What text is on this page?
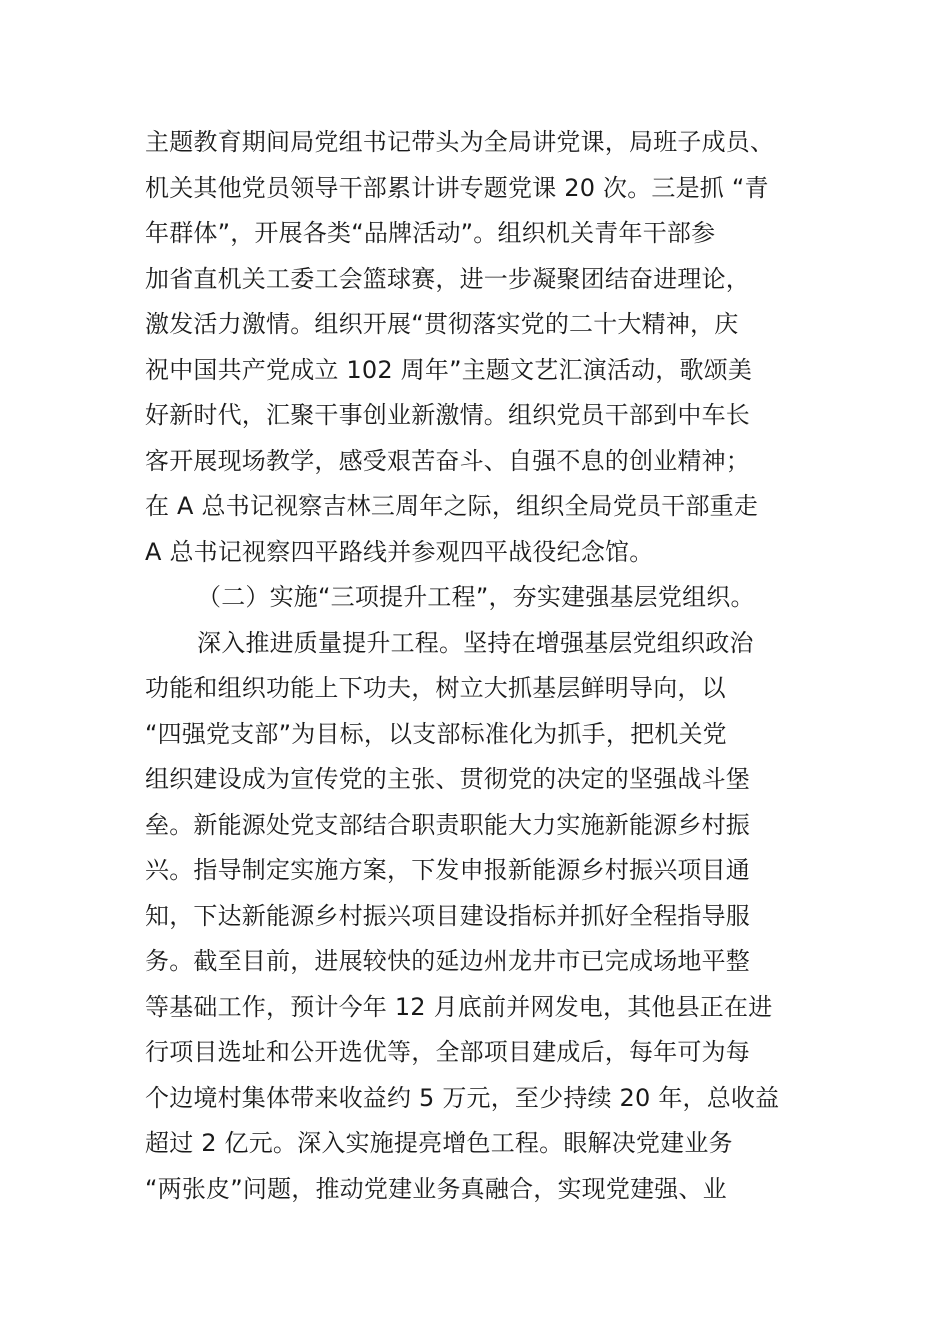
主题教育期间局党组书记带头为全局讲党课，局班子成员、
机关其他党员领导干部累计讲专题党课 20 次。三是抓 “青
年群体”，开展各类“品牌活动”。组织机关青年干部参
加省直机关工委工会篮球赛，进一步凝聚团结奋进理论，
激发活力激情。组织开展“贯彻落实党的二十大精神，庆
祝中国共产党成立 102 周年”主题文艺汇演活动，歌颂美
好新时代，汇聚干事创业新激情。组织党员干部到中车长
客开展现场教学，感受艰苦奋斗、自强不息的创业精神；
在 A 总书记视察吉林三周年之际，组织全局党员干部重走
A 总书记视察四平路线并参观四平战役纪念馆。
（二）实施“三项提升工程”，夯实建强基层党组织。
深入推进质量提升工程。坚持在增强基层党组织政治
功能和组织功能上下功夫，树立大抓基层鲜明导向，以
“四强党支部”为目标，以支部标准化为抓手，把机关党
组织建设成为宣传党的主张、贯彻党的决定的坚强战斗堡
垒。新能源处党支部结合职责职能大力实施新能源乡村振
兴。指导制定实施方案，下发申报新能源乡村振兴项目通
知，下达新能源乡村振兴项目建设指标并抓好全程指导服
务。截至目前，进展较快的延边州龙井市已完成场地平整
等基础工作，预计今年 12 月底前并网发电，其他县正在进
行项目选址和公开选优等，全部项目建成后，每年可为每
个边境村集体带来收益约 5 万元，至少持续 20 年，总收益
超过 2 亿元。深入实施提亮增色工程。眼解决党建业务
“两张皮”问题，推动党建业务真融合，实现党建强、业
